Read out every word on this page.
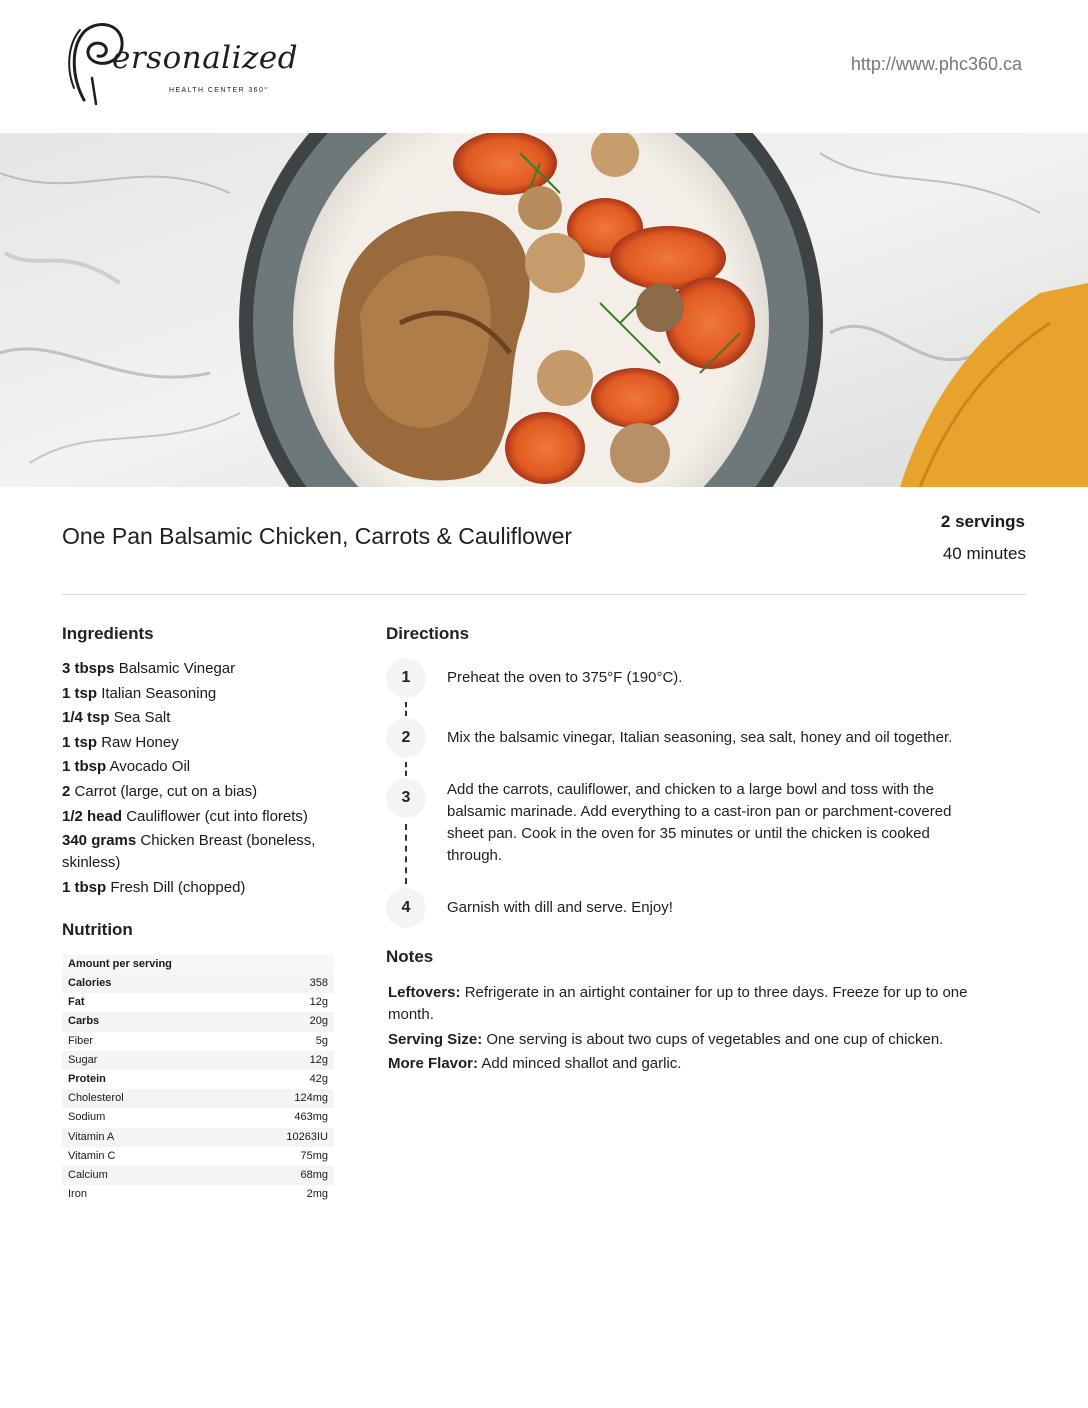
ersonalized
HEALTH CENTER 360°
http://www.phc360.ca
One Pan Balsamic Chicken, Carrots & Cauliflower
2 servings
40 minutes
Ingredients
3 tbsps Balsamic Vinegar
1 tsp Italian Seasoning
1/4 tsp Sea Salt
1 tsp Raw Honey
1 tbsp Avocado Oil
2 Carrot (large, cut on a bias)
1/2 head Cauliflower (cut into florets)
340 grams Chicken Breast (boneless, skinless)
1 tbsp Fresh Dill (chopped)
Nutrition
Amount per serving
Calories	358
Fat	12g
Carbs	20g
Fiber	5g
Sugar	12g
Protein	42g
Cholesterol	124mg
Sodium	463mg
Vitamin A	10263IU
Vitamin C	75mg
Calcium	68mg
Iron	2mg
Directions
1	Preheat the oven to 375°F (190°C).
2	Mix the balsamic vinegar, Italian seasoning, sea salt, honey and oil together.
3	Add the carrots, cauliflower, and chicken to a large bowl and toss with the balsamic marinade. Add everything to a cast-iron pan or parchment-covered sheet pan. Cook in the oven for 35 minutes or until the chicken is cooked through.
4	Garnish with dill and serve. Enjoy!
Notes

Leftovers: Refrigerate in an airtight container for up to three days. Freeze for up to one month.

Serving Size: One serving is about two cups of vegetables and one cup of chicken.

More Flavor: Add minced shallot and garlic.
